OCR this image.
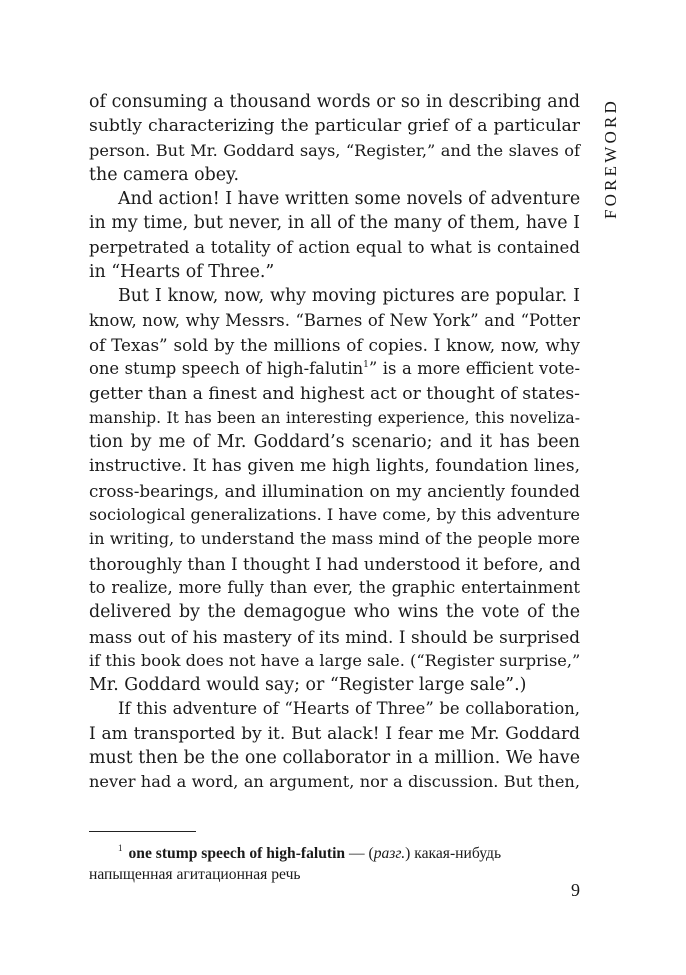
FOREWORD
of consuming a thousand words or so in describing and
subtly characterizing the particular grief of a particular
person. But Mr. Goddard says, “Register,” and the slaves of
the camera obey.
And action! I have written some novels of adventure
in my time, but never, in all of the many of them, have I
perpetrated a totality of action equal to what is contained
in “Hearts of Three.”
But I know, now, why moving pictures are popular. I
know, now, why Messrs. “Barnes of New York” and “Potter
of Texas” sold by the millions of copies. I know, now, why
one stump speech of high-falutin$^1$” is a more efficient vote-
getter than a finest and highest act or thought of states-
manship. It has been an interesting experience, this noveliza-
tion by me of Mr. Goddard’s scenario; and it has been
instructive. It has given me high lights, foundation lines,
cross-bearings, and illumination on my anciently founded
sociological generalizations. I have come, by this adventure
in writing, to understand the mass mind of the people more
thoroughly than I thought I had understood it before, and
to realize, more fully than ever, the graphic entertainment
delivered by the demagogue who wins the vote of the
mass out of his mastery of its mind. I should be surprised
if this book does not have a large sale. (“Register surprise,”
Mr. Goddard would say; or “Register large sale”.)
If this adventure of “Hearts of Three” be collaboration,
I am transported by it. But alack! I fear me Mr. Goddard
must then be the one collaborator in a million. We have
never had a word, an argument, nor a discussion. But then,
$^1$ one stump speech of high-falutin — (разг.) какая-нибудь
напыщенная агитационная речь
9
